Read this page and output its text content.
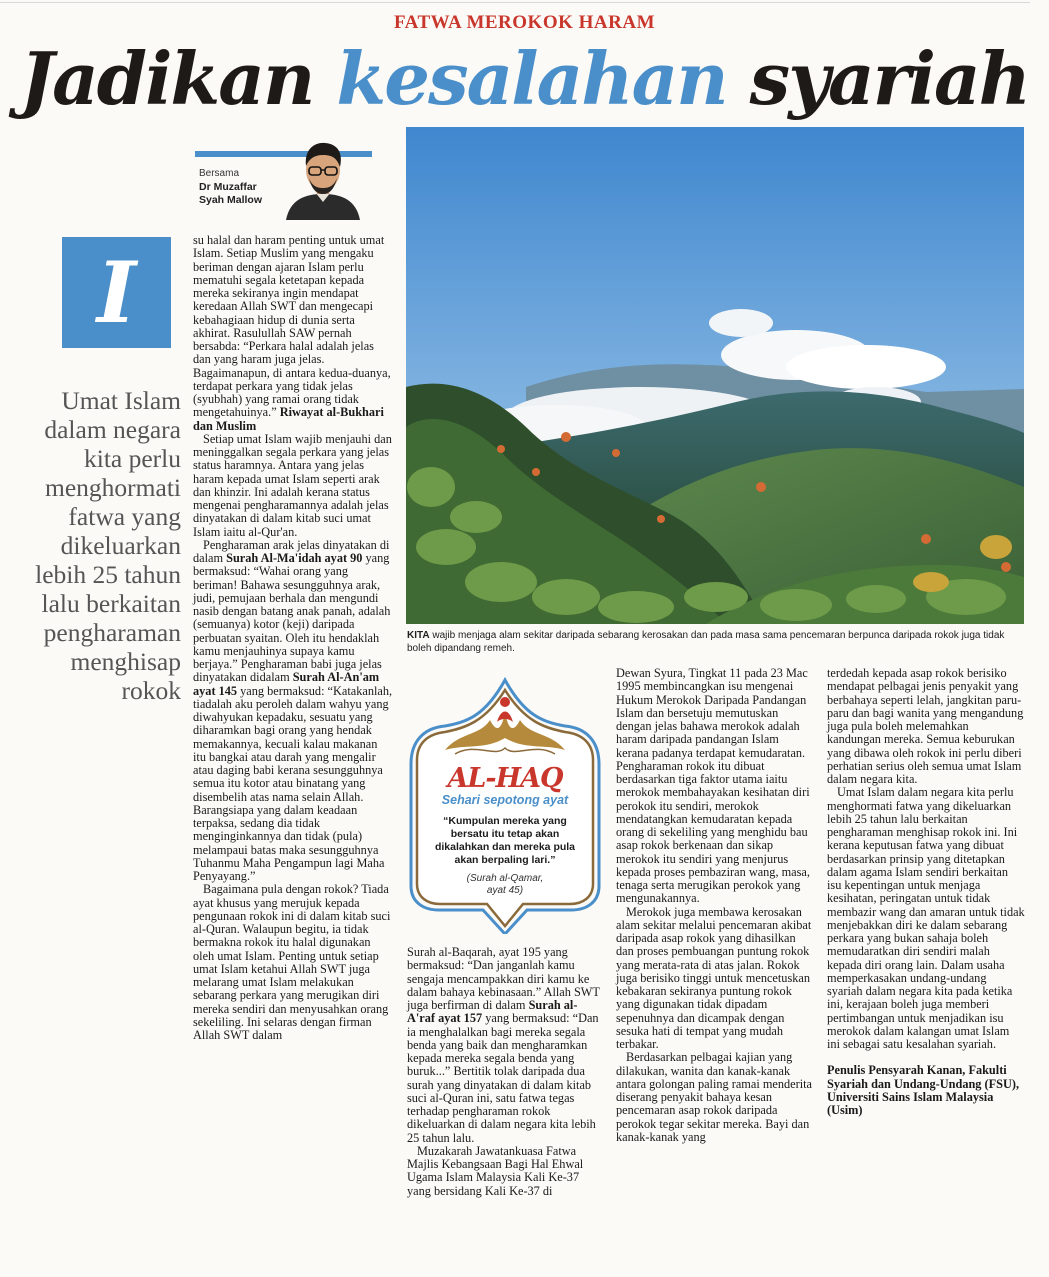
FATWA MEROKOK HARAM
Jadikan kesalahan syariah
Bersama
Dr Muzaffar
Syah Mallow
I
Umat Islam dalam negara kita perlu menghormati fatwa yang dikeluarkan lebih 25 tahun lalu berkaitan pengharaman menghisap rokok

su halal dan haram penting untuk umat Islam. Setiap Muslim yang mengaku beriman dengan ajaran Islam perlu mematuhi segala ketetapan kepada mereka sekiranya ingin mendapat keredaan Allah SWT dan mengecapi kebahagiaan hidup di dunia serta akhirat. Rasulullah SAW pernah bersabda: “Perkara halal adalah jelas dan yang haram juga jelas. Bagaimanapun, di antara kedua-duanya, terdapat perkara yang tidak jelas (syubhah) yang ramai orang tidak mengetahuinya.” Riwayat al-Bukhari dan Muslim

Setiap umat Islam wajib menjauhi dan meninggalkan segala perkara yang jelas status haramnya. Antara yang jelas haram kepada umat Islam seperti arak dan khinzir. Ini adalah kerana status mengenai pengharamannya adalah jelas dinyatakan di dalam kitab suci umat Islam iaitu al-Qur'an.

Pengharaman arak jelas dinyatakan di dalam Surah Al-Ma'idah ayat 90 yang bermaksud: “Wahai orang yang beriman! Bahawa sesungguhnya arak, judi, pemujaan berhala dan mengundi nasib dengan batang anak panah, adalah (semuanya) kotor (keji) daripada perbuatan syaitan. Oleh itu hendaklah kamu menjauhinya supaya kamu berjaya.” Pengharaman babi juga jelas dinyatakan didalam Surah Al-An'am ayat 145 yang bermaksud: “Katakanlah, tiadalah aku peroleh dalam wahyu yang diwahyukan kepadaku, sesuatu yang diharamkan bagi orang yang hendak memakannya, kecuali kalau makanan itu bangkai atau darah yang mengalir atau daging babi kerana sesungguhnya semua itu kotor atau binatang yang disembelih atas nama selain Allah. Barangsiapa yang dalam keadaan terpaksa, sedang dia tidak menginginkannya dan tidak (pula) melampaui batas maka sesungguhnya Tuhanmu Maha Pengampun lagi Maha Penyayang.”

Bagaimana pula dengan rokok? Tiada ayat khusus yang merujuk kepada pengunaan rokok ini di dalam kitab suci al-Quran. Walaupun begitu, ia tidak bermakna rokok itu halal digunakan oleh umat Islam. Penting untuk setiap umat Islam ketahui Allah SWT juga melarang umat Islam melakukan sebarang perkara yang merugikan diri mereka sendiri dan menyusahkan orang sekeliling. Ini selaras dengan firman Allah SWT dalam

KITA wajib menjaga alam sekitar daripada sebarang kerosakan dan pada masa sama pencemaran berpunca daripada rokok juga tidak boleh dipandang remeh.
AL-HAQ
Sehari sepotong ayat
“Kumpulan mereka yang bersatu itu tetap akan dikalahkan dan mereka pula akan berpaling lari.”
(Surah al-Qamar,
ayat 45)

Surah al-Baqarah, ayat 195 yang bermaksud: “Dan janganlah kamu sengaja mencampakkan diri kamu ke dalam bahaya kebinasaan.” Allah SWT juga berfirman di dalam Surah al-A'raf ayat 157 yang bermaksud: “Dan ia menghalalkan bagi mereka segala benda yang baik dan mengharamkan kepada mereka segala benda yang buruk...” Bertitik tolak daripada dua surah yang dinyatakan di dalam kitab suci al-Quran ini, satu fatwa tegas terhadap pengharaman rokok dikeluarkan di dalam negara kita lebih 25 tahun lalu.

Muzakarah Jawatankuasa Fatwa Majlis Kebangsaan Bagi Hal Ehwal Ugama Islam Malaysia Kali Ke-37 yang bersidang Kali Ke-37 di

Dewan Syura, Tingkat 11 pada 23 Mac 1995 membincangkan isu mengenai Hukum Merokok Daripada Pandangan Islam dan bersetuju memutuskan dengan jelas bahawa merokok adalah haram daripada pandangan Islam kerana padanya terdapat kemudaratan. Pengharaman rokok itu dibuat berdasarkan tiga faktor utama iaitu merokok membahayakan kesihatan diri perokok itu sendiri, merokok mendatangkan kemudaratan kepada orang di sekeliling yang menghidu bau asap rokok berkenaan dan sikap merokok itu sendiri yang menjurus kepada proses pembaziran wang, masa, tenaga serta merugikan perokok yang mengunakannya.

Merokok juga membawa kerosakan alam sekitar melalui pencemaran akibat daripada asap rokok yang dihasilkan dan proses pembuangan puntung rokok yang merata-rata di atas jalan. Rokok juga berisiko tinggi untuk mencetuskan kebakaran sekiranya puntung rokok yang digunakan tidak dipadam sepenuhnya dan dicampak dengan sesuka hati di tempat yang mudah terbakar.

Berdasarkan pelbagai kajian yang dilakukan, wanita dan kanak-kanak antara golongan paling ramai menderita diserang penyakit bahaya kesan pencemaran asap rokok daripada perokok tegar sekitar mereka. Bayi dan kanak-kanak yang

terdedah kepada asap rokok berisiko mendapat pelbagai jenis penyakit yang berbahaya seperti lelah, jangkitan paru-paru dan bagi wanita yang mengandung juga pula boleh melemahkan kandungan mereka. Semua keburukan yang dibawa oleh rokok ini perlu diberi perhatian serius oleh semua umat Islam dalam negara kita.

Umat Islam dalam negara kita perlu menghormati fatwa yang dikeluarkan lebih 25 tahun lalu berkaitan pengharaman menghisap rokok ini. Ini kerana keputusan fatwa yang dibuat berdasarkan prinsip yang ditetapkan dalam agama Islam sendiri berkaitan isu kepentingan untuk menjaga kesihatan, peringatan untuk tidak membazir wang dan amaran untuk tidak menjebakkan diri ke dalam sebarang perkara yang bukan sahaja boleh memudaratkan diri sendiri malah kepada diri orang lain. Dalam usaha memperkasakan undang-undang syariah dalam negara kita pada ketika ini, kerajaan boleh juga memberi pertimbangan untuk menjadikan isu merokok dalam kalangan umat Islam ini sebagai satu kesalahan syariah.

Penulis Pensyarah Kanan, Fakulti Syariah dan Undang-Undang (FSU), Universiti Sains Islam Malaysia (Usim)
